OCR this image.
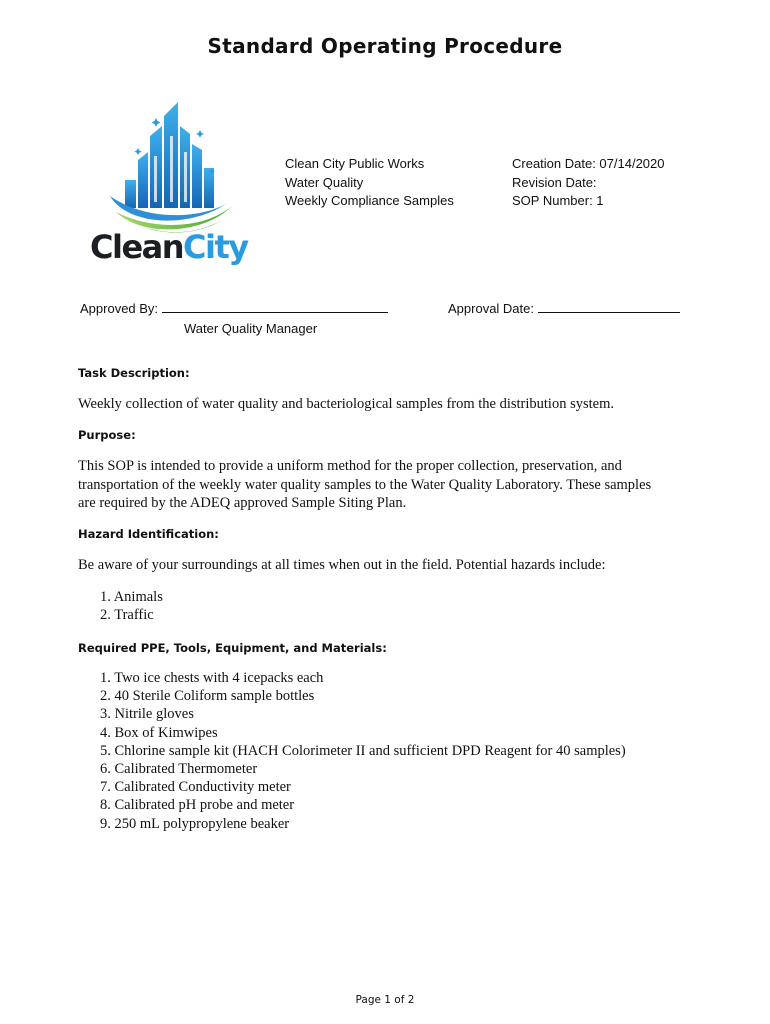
Standard Operating Procedure
CleanCity
Clean City Public Works
Water Quality
Weekly Compliance Samples
Creation Date: 07/14/2020
Revision Date:
SOP Number: 1
Approved By:	Approval Date:
Water Quality Manager
Task Description:
Weekly collection of water quality and bacteriological samples from the distribution system.
Purpose:
This SOP is intended to provide a uniform method for the proper collection, preservation, and
transportation of the weekly water quality samples to the Water Quality Laboratory. These samples
are required by the ADEQ approved Sample Siting Plan.
Hazard Identification:
Be aware of your surroundings at all times when out in the field. Potential hazards include:
1. Animals
2. Traffic
Required PPE, Tools, Equipment, and Materials:
1. Two ice chests with 4 icepacks each
2. 40 Sterile Coliform sample bottles
3. Nitrile gloves
4. Box of Kimwipes
5. Chlorine sample kit (HACH Colorimeter II and sufficient DPD Reagent for 40 samples)
6. Calibrated Thermometer
7. Calibrated Conductivity meter
8. Calibrated pH probe and meter
9. 250 mL polypropylene beaker
Page 1 of 2
